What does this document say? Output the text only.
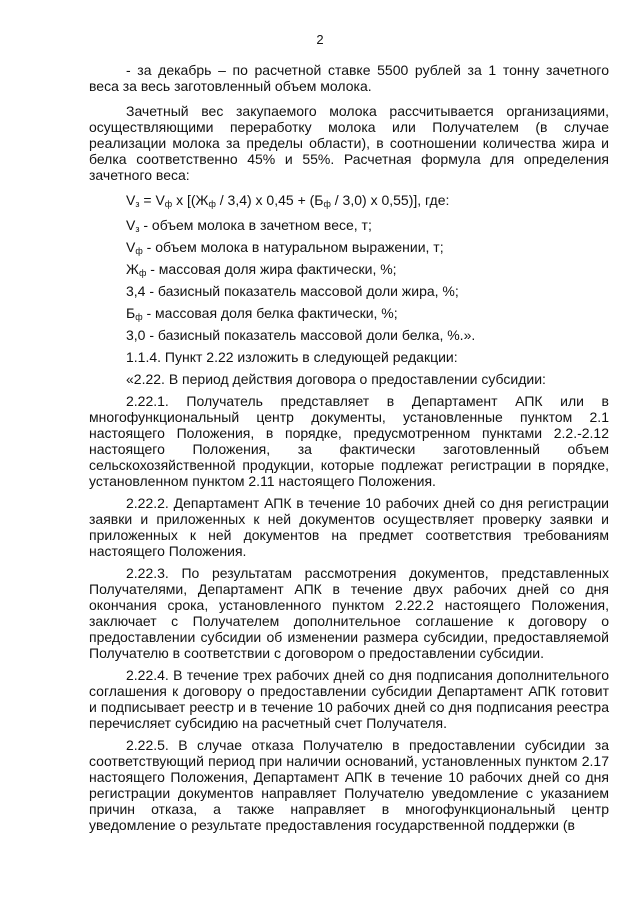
2

- за декабрь – по расчетной ставке 5500 рублей за 1 тонну зачетного веса за весь заготовленный объем молока.

Зачетный вес закупаемого молока рассчитывается организациями, осуществляющими переработку молока или Получателем (в случае реализации молока за пределы области), в соотношении количества жира и белка соответственно 45% и 55%. Расчетная формула для определения зачетного веса:

$V_з = V_ф$ х [$(Ж_ф / 3,4)$ х $0,45 + (Б_ф / 3,0)$ х 0,55)], где:

$V_з$ - объем молока в зачетном весе, т;

$V_ф$ - объем молока в натуральном выражении, т;

$Ж_ф$ - массовая доля жира фактически, %;

3,4 - базисный показатель массовой доли жира, %;

$Б_ф$ - массовая доля белка фактически, %;

3,0 - базисный показатель массовой доли белка, %.».

1.1.4. Пункт 2.22 изложить в следующей редакции:

«2.22. В период действия договора о предоставлении субсидии:

2.22.1. Получатель представляет в Департамент АПК или в многофункциональный центр документы, установленные пунктом 2.1 настоящего Положения, в порядке, предусмотренном пунктами 2.2.-2.12 настоящего Положения, за фактически заготовленный объем сельскохозяйственной продукции, которые подлежат регистрации в порядке, установленном пунктом 2.11 настоящего Положения.

2.22.2. Департамент АПК в течение 10 рабочих дней со дня регистрации заявки и приложенных к ней документов осуществляет проверку заявки и приложенных к ней документов на предмет соответствия требованиям настоящего Положения.

2.22.3. По результатам рассмотрения документов, представленных Получателями, Департамент АПК в течение двух рабочих дней со дня окончания срока, установленного пунктом 2.22.2 настоящего Положения, заключает с Получателем дополнительное соглашение к договору о предоставлении субсидии об изменении размера субсидии, предоставляемой Получателю в соответствии с договором о предоставлении субсидии.

2.22.4. В течение трех рабочих дней со дня подписания дополнительного соглашения к договору о предоставлении субсидии Департамент АПК готовит и подписывает реестр и в течение 10 рабочих дней со дня подписания реестра перечисляет субсидию на расчетный счет Получателя.

2.22.5. В случае отказа Получателю в предоставлении субсидии за соответствующий период при наличии оснований, установленных пунктом 2.17 настоящего Положения, Департамент АПК в течение 10 рабочих дней со дня регистрации документов направляет Получателю уведомление с указанием причин отказа, а также направляет в многофункциональный центр уведомление о результате предоставления государственной поддержки (в
